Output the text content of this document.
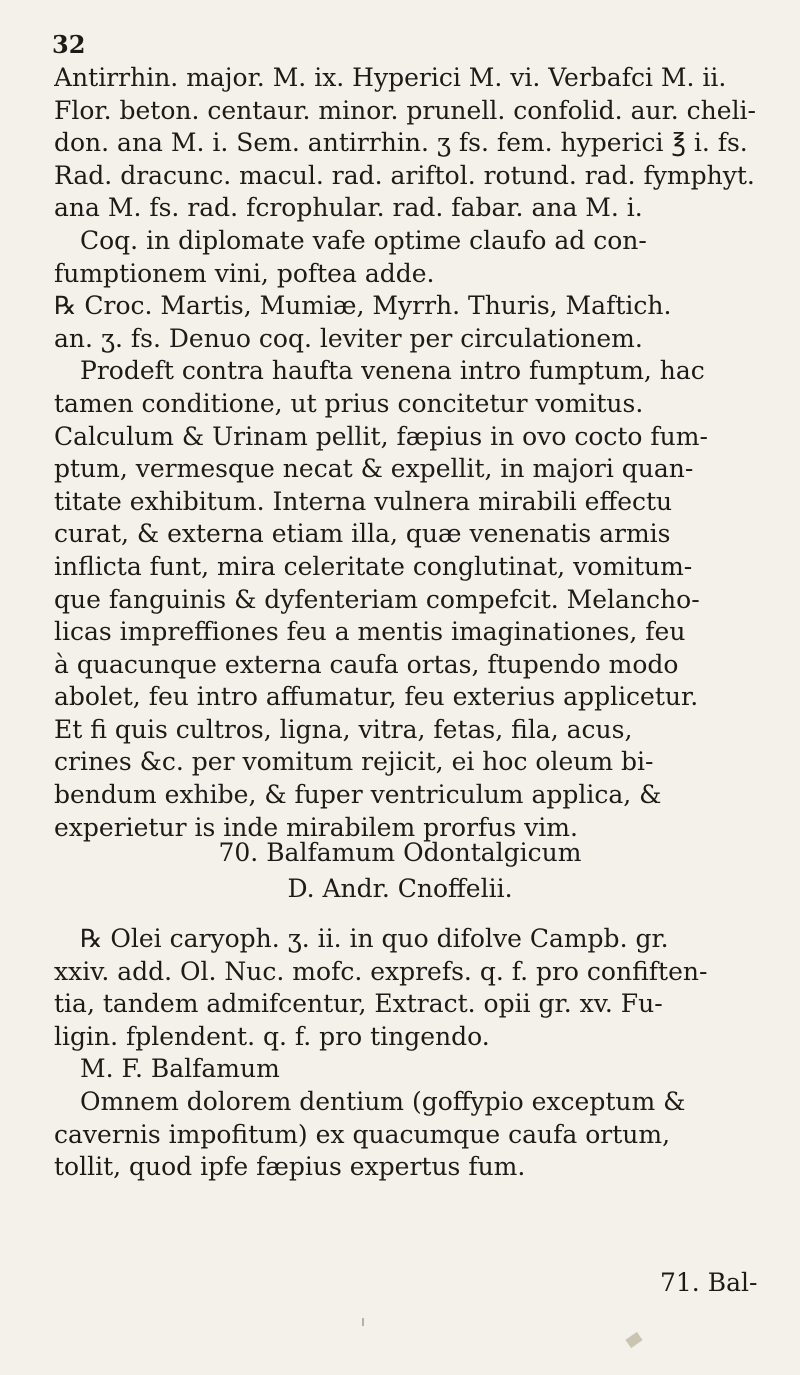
32
Antirrhin. major. M. ix. Hyperici M. vi. Verbafci M. ii.
Flor. beton. centaur. minor. prunell. confolid. aur. cheli-
don. ana M. i. Sem. antirrhin. ʒ fs. fem. hyperici ℥ i. fs.
Rad. dracunc. macul. rad. ariftol. rotund. rad. fymphyt.
ana M. fs. rad. fcrophular. rad. fabar. ana M. i.
Coq. in diplomate vafe optime claufo ad con-
fumptionem vini, poftea adde.
℞ Croc. Martis, Mumiæ, Myrrh. Thuris, Maftich.
an. ʒ. fs. Denuo coq. leviter per circulationem.
Prodeft contra haufta venena intro fumptum, hac
tamen conditione, ut prius concitetur vomitus.
Calculum & Urinam pellit, fæpius in ovo cocto fum-
ptum, vermesque necat & expellit, in majori quan-
titate exhibitum. Interna vulnera mirabili effectu
curat, & externa etiam illa, quæ venenatis armis
inflicta funt, mira celeritate conglutinat, vomitum-
que fanguinis & dyfenteriam compefcit. Melancho-
licas impreffiones feu a mentis imaginationes, feu
à quacunque externa caufa ortas, ftupendo modo
abolet, feu intro affumatur, feu exterius applicetur.
Et fi quis cultros, ligna, vitra, fetas, fila, acus,
crines &c. per vomitum rejicit, ei hoc oleum bi-
bendum exhibe, & fuper ventriculum applica, &
experietur is inde mirabilem prorfus vim.
70. Balfamum Odontalgicum
D. Andr. Cnoffelii.
℞ Olei caryoph. ʒ. ii. in quo difolve Campb. gr.
xxiv. add. Ol. Nuc. mofc. exprefs. q. f. pro confiften-
tia, tandem admifcentur, Extract. opii gr. xv. Fu-
ligin. fplendent. q. f. pro tingendo.
M. F. Balfamum
Omnem dolorem dentium (goffypio exceptum &
cavernis impofitum) ex quacumque caufa ortum,
tollit, quod ipfe fæpius expertus fum.
71. Bal-
